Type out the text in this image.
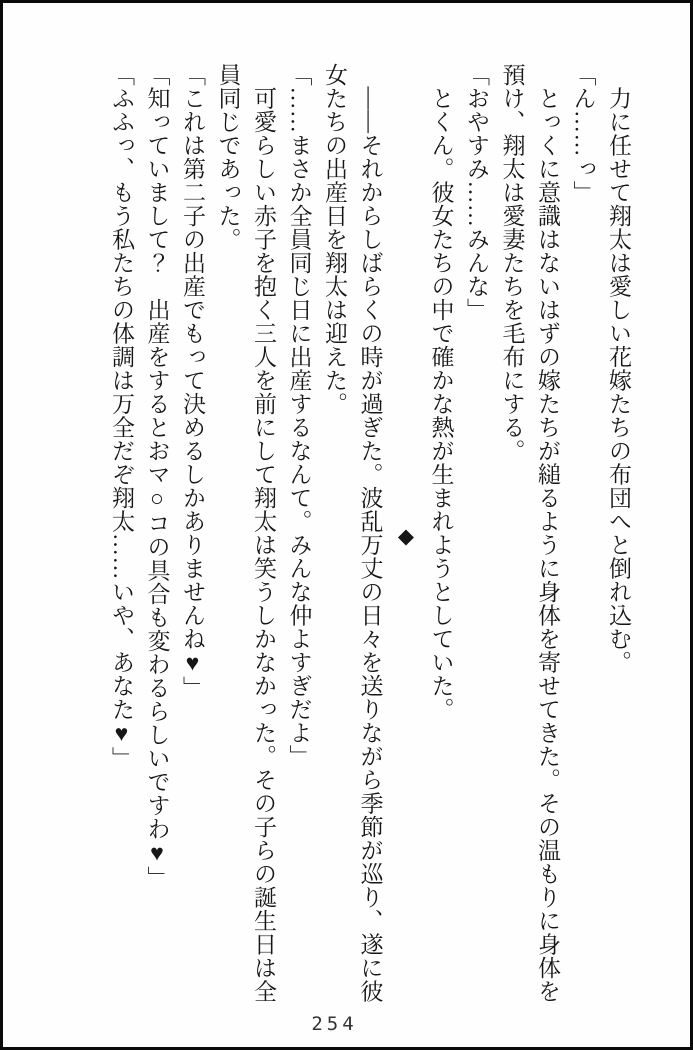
　力に任せて翔太は愛しい花嫁たちの布団へと倒れ込む。

「ん……っ」

　とっくに意識はないはずの嫁たちが縋るように身体を寄せてきた。その温もりに身体を預け、翔太は愛妻たちを毛布にする。

「おやすみ……みんな」

　とくん。彼女たちの中で確かな熱が生まれようとしていた。

◆

　――それからしばらくの時が過ぎた。波乱万丈の日々を送りながら季節が巡り、遂に彼女たちの出産日を翔太は迎えた。

「……まさか全員同じ日に出産するなんて。みんな仲よすぎだよ」

　可愛らしい赤子を抱く三人を前にして翔太は笑うしかなかった。その子らの誕生日は全員同じであった。

「これは第二子の出産でもって決めるしかありませんね♥」

「知っていまして？　出産をするとおマ○コの具合も変わるらしいですわ♥」

「ふふっ、もう私たちの体調は万全だぞ翔太……いや、あなた♥」

254
